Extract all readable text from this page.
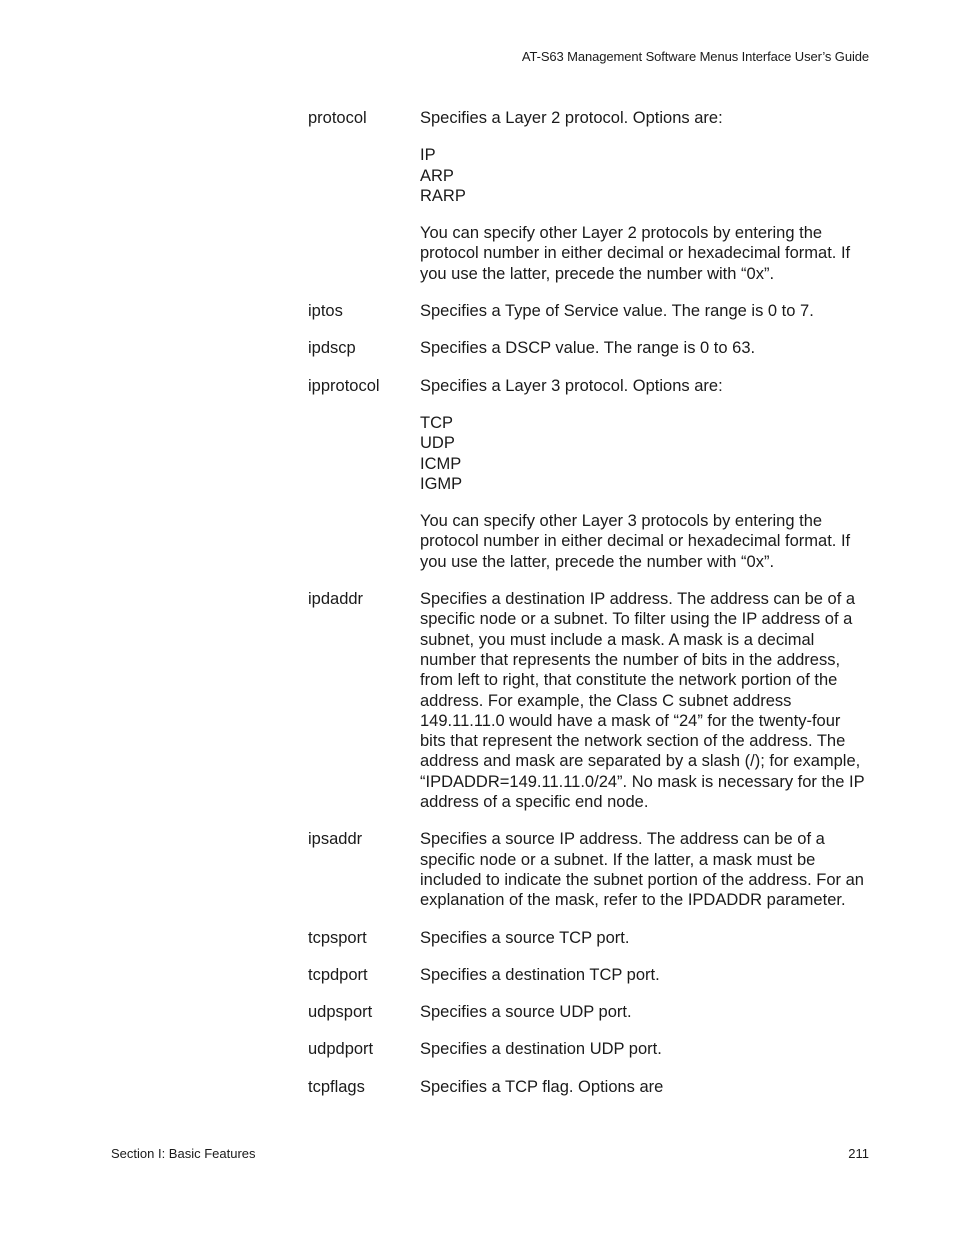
AT-S63 Management Software Menus Interface User’s Guide
protocol	Specifies a Layer 2 protocol. Options are:

IP
ARP
RARP

You can specify other Layer 2 protocols by entering the protocol number in either decimal or hexadecimal format. If you use the latter, precede the number with “0x”.

iptos	Specifies a Type of Service value. The range is 0 to 7.

ipdscp	Specifies a DSCP value. The range is 0 to 63.

ipprotocol	Specifies a Layer 3 protocol. Options are:

TCP
UDP
ICMP
IGMP

You can specify other Layer 3 protocols by entering the protocol number in either decimal or hexadecimal format. If you use the latter, precede the number with “0x”.

ipdaddr	Specifies a destination IP address. The address can be of a specific node or a subnet. To filter using the IP address of a subnet, you must include a mask. A mask is a decimal number that represents the number of bits in the address, from left to right, that constitute the network portion of the address. For example, the Class C subnet address 149.11.11.0 would have a mask of “24” for the twenty-four bits that represent the network section of the address. The address and mask are separated by a slash (/); for example, “IPDADDR=149.11.11.0/24”. No mask is necessary for the IP address of a specific end node.

ipsaddr	Specifies a source IP address. The address can be of a specific node or a subnet. If the latter, a mask must be included to indicate the subnet portion of the address. For an explanation of the mask, refer to the IPDADDR parameter.

tcpsport	Specifies a source TCP port.

tcpdport	Specifies a destination TCP port.

udpsport	Specifies a source UDP port.

udpdport	Specifies a destination UDP port.

tcpflags	Specifies a TCP flag. Options are

Section I: Basic Features	211
